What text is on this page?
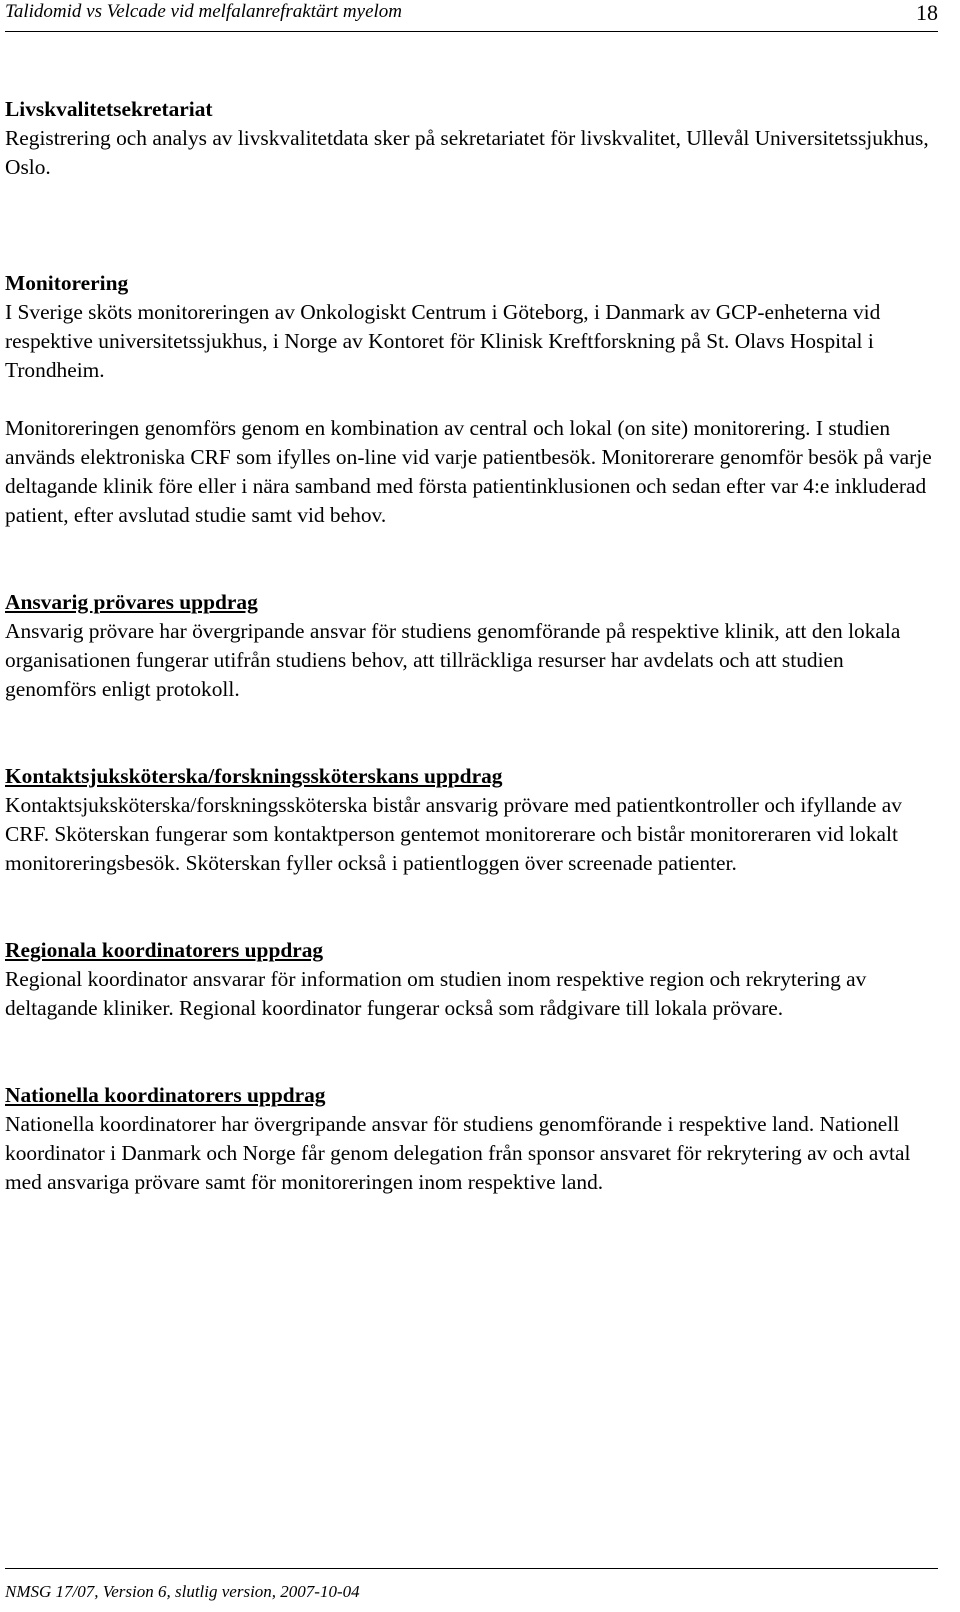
Talidomid vs Velcade vid melfalanrefraktärt myelom	18

Livskvalitetsekretariat

Registrering och analys av livskvalitetdata sker på sekretariatet för livskvalitet, Ullevål Universitetssjukhus, Oslo.

Monitorering

I Sverige sköts monitoreringen av Onkologiskt Centrum i Göteborg, i Danmark av GCP-enheterna vid respektive universitetssjukhus, i Norge av Kontoret för Klinisk Kreftforskning på St. Olavs Hospital i Trondheim.

Monitoreringen genomförs genom en kombination av central och lokal (on site) monitorering. I studien används elektroniska CRF som ifylles on-line vid varje patientbesök. Monitorerare genomför besök på varje deltagande klinik före eller i nära samband med första patientinklusionen och sedan efter var 4:e inkluderad patient, efter avslutad studie samt vid behov.

Ansvarig prövares uppdrag

Ansvarig prövare har övergripande ansvar för studiens genomförande på respektive klinik, att den lokala organisationen fungerar utifrån studiens behov, att tillräckliga resurser har avdelats och att studien genomförs enligt protokoll.

Kontaktsjuksköterska/forskningssköterskans uppdrag

Kontaktsjuksköterska/forskningssköterska bistår ansvarig prövare med patientkontroller och ifyllande av CRF. Sköterskan fungerar som kontaktperson gentemot monitorerare och bistår monitoreraren vid lokalt monitoreringsbesök. Sköterskan fyller också i patientloggen över screenade patienter.

Regionala koordinatorers uppdrag

Regional koordinator ansvarar för information om studien inom respektive region och rekrytering av deltagande kliniker. Regional koordinator fungerar också som rådgivare till lokala prövare.

Nationella koordinatorers uppdrag

Nationella koordinatorer har övergripande ansvar för studiens genomförande i respektive land. Nationell koordinator i Danmark och Norge får genom delegation från sponsor ansvaret för rekrytering av och avtal med ansvariga prövare samt för monitoreringen inom respektive land.

NMSG 17/07, Version 6, slutlig version, 2007-10-04
